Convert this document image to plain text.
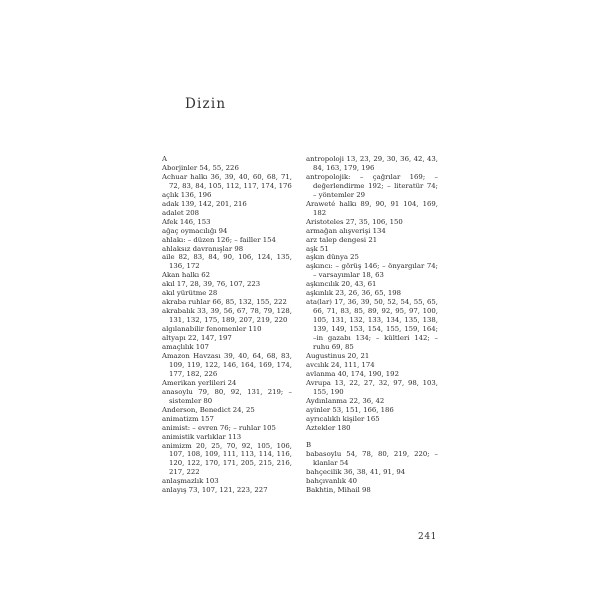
Dizin

A

Aborjinler 54, 55, 226

Achuar halkı 36, 39, 40, 60, 68, 71, 72, 83, 84, 105, 112, 117, 174, 176

açlık 136, 196

adak 139, 142, 201, 216

adalet 208

Afek 146, 153

ağaç oymacılığı 94

ahlakı: – düzen 126; – failler 154

ahlaksız davranışlar 98

aile 82, 83, 84, 90, 106, 124, 135, 136, 172

Akan halkı 62

akıl 17, 28, 39, 76, 107, 223

akıl yürütme 28

akraba ruhlar 66, 85, 132, 155, 222

akrabalık 33, 39, 56, 67, 78, 79, 128, 131, 132, 175, 189, 207, 219, 220

algılanabilir fenomenler 110

altyapı 22, 147, 197

amaçlılık 107

Amazon Havzası 39, 40, 64, 68, 83, 109, 119, 122, 146, 164, 169, 174, 177, 182, 226

Amerikan yerlileri 24

anasoylu 79, 80, 92, 131, 219; – sistemler 80

Anderson, Benedict 24, 25

animatizm 157

animist: – evren 76; – ruhlar 105

animistik varlıklar 113

animizm 20, 25, 70, 92, 105, 106, 107, 108, 109, 111, 113, 114, 116, 120, 122, 170, 171, 205, 215, 216, 217, 222

anlaşmazlık 103

anlayış 73, 107, 121, 223, 227

antropoloji 13, 23, 29, 30, 36, 42, 43, 84, 163, 179, 196

antropolojik: – çağrılar 169; – değerlendirme 192; – literatür 74; – yöntemler 29

Araweté halkı 89, 90, 91 104, 169, 182

Aristoteles 27, 35, 106, 150

armağan alışverişi 134

arz talep dengesi 21

aşk 51

aşkın dünya 25

aşkıncı: – görüş 146; – önyargılar 74; – varsayımlar 18, 63

aşkıncılık 20, 43, 61

aşkınlık 23, 26, 36, 65, 198

ata(lar) 17, 36, 39, 50, 52, 54, 55, 65, 66, 71, 83, 85, 89, 92, 95, 97, 100, 105, 131, 132, 133, 134, 135, 138, 139, 149, 153, 154, 155, 159, 164; –in gazabı 134; – kültleri 142; – ruhu 69, 85

Augustinus 20, 21

avcılık 24, 111, 174

avlanma 40, 174, 190, 192

Avrupa 13, 22, 27, 32, 97, 98, 103, 155, 190

Aydınlanma 22, 36, 42

ayinler 53, 151, 166, 186

ayrıcalıklı kişiler 165

Aztekler 180

B

babasoylu 54, 78, 80, 219, 220; – klanlar 54

bahçecilik 36, 38, 41, 91, 94

bahçıvanlık 40

Bakhtin, Mihail 98

241
